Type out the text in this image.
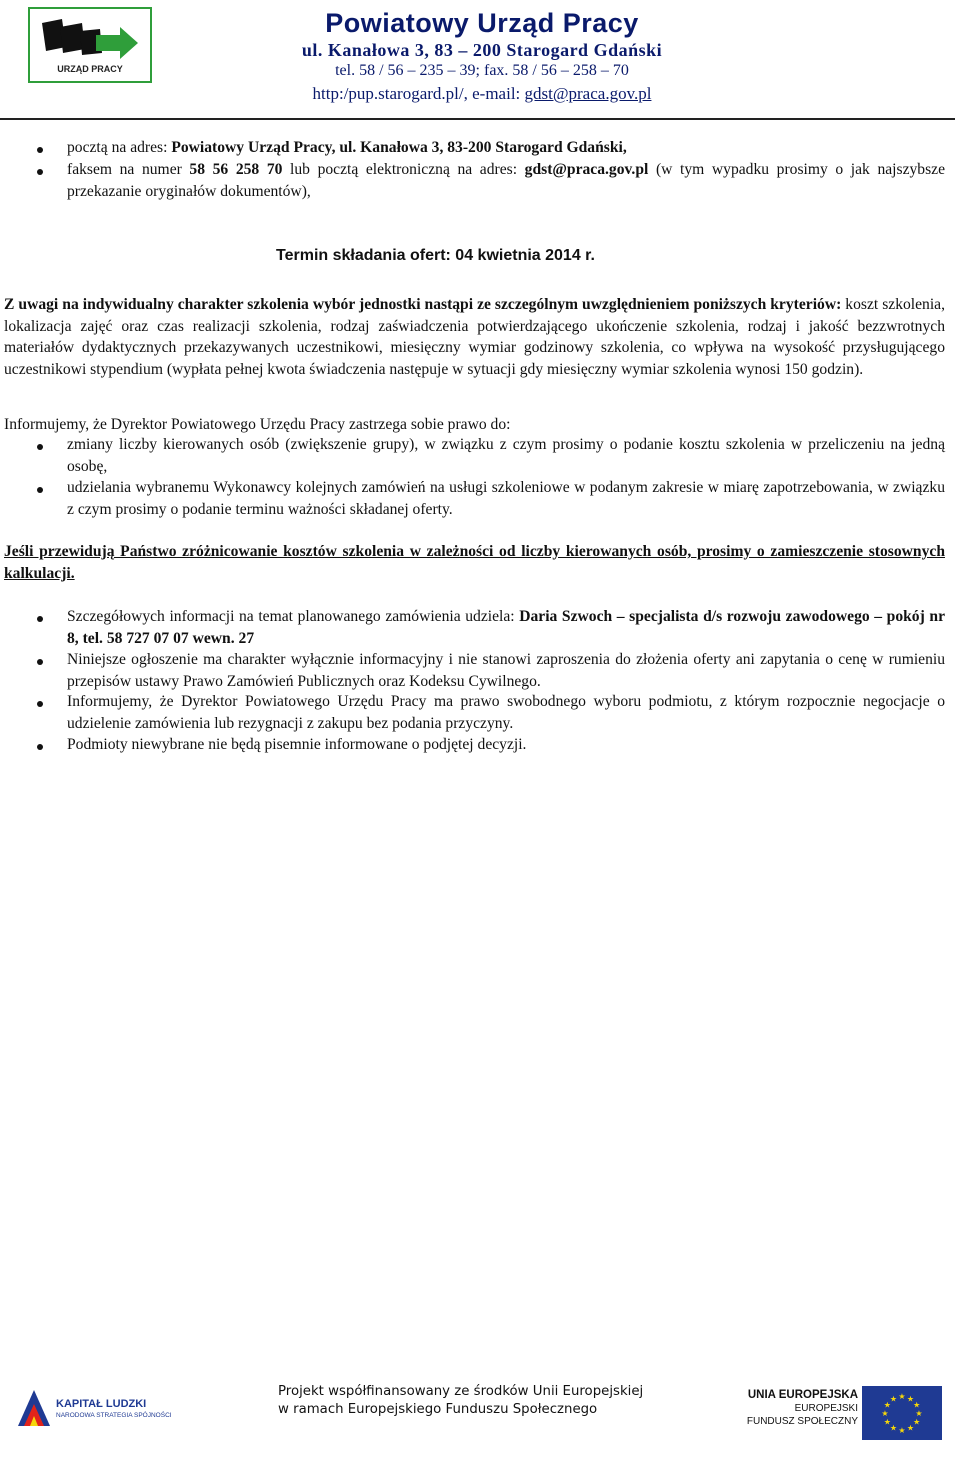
URZĄD PRACY
Powiatowy Urząd Pracy
ul. Kanałowa 3, 83 – 200 Starogard Gdański
tel. 58 / 56 – 235 – 39; fax. 58 / 56 – 258 – 70
http:/pup.starogard.pl/, e-mail: gdst@praca.gov.pl
pocztą na adres: Powiatowy Urząd Pracy, ul. Kanałowa 3, 83-200 Starogard Gdański,
faksem na numer 58 56 258 70 lub pocztą elektroniczną na adres: gdst@praca.gov.pl (w tym wypadku prosimy o jak najszybsze przekazanie oryginałów dokumentów),
Termin składania ofert: 04 kwietnia 2014 r.
Z uwagi na indywidualny charakter szkolenia wybór jednostki nastąpi ze szczególnym uwzględnieniem poniższych kryteriów: koszt szkolenia, lokalizacja zajęć oraz czas realizacji szkolenia, rodzaj zaświadczenia potwierdzającego ukończenie szkolenia, rodzaj i jakość bezzwrotnych materiałów dydaktycznych przekazywanych uczestnikowi, miesięczny wymiar godzinowy szkolenia, co wpływa na wysokość przysługującego uczestnikowi stypendium (wypłata pełnej kwota świadczenia następuje w sytuacji gdy miesięczny wymiar szkolenia wynosi 150 godzin).
Informujemy, że Dyrektor Powiatowego Urzędu Pracy zastrzega sobie prawo do:
zmiany liczby kierowanych osób (zwiększenie grupy), w związku z czym prosimy o podanie kosztu szkolenia w przeliczeniu na jedną osobę,
udzielania wybranemu Wykonawcy kolejnych zamówień na usługi szkoleniowe w podanym zakresie w miarę zapotrzebowania, w związku z czym prosimy o podanie terminu ważności składanej oferty.
Jeśli przewidują Państwo zróżnicowanie kosztów szkolenia w zależności od liczby kierowanych osób, prosimy o zamieszczenie stosownych kalkulacji.
Szczegółowych informacji na temat planowanego zamówienia udziela: Daria Szwoch – specjalista d/s rozwoju zawodowego – pokój nr 8, tel. 58 727 07 07 wewn. 27
Niniejsze ogłoszenie ma charakter wyłącznie informacyjny i nie stanowi zaproszenia do złożenia oferty ani zapytania o cenę w rumieniu przepisów ustawy Prawo Zamówień Publicznych oraz Kodeksu Cywilnego.
Informujemy, że Dyrektor Powiatowego Urzędu Pracy ma prawo swobodnego wyboru podmiotu, z którym rozpocznie negocjacje o udzielenie zamówienia lub rezygnacji z zakupu bez podania przyczyny.
Podmioty niewybrane nie będą pisemnie informowane o podjętej decyzji.
KAPITAŁ LUDZKI
NARODOWA STRATEGIA SPÓJNOŚCI
Projekt współfinansowany ze środków Unii Europejskiej
w ramach Europejskiego Funduszu Społecznego
UNIA EUROPEJSKA
EUROPEJSKI
FUNDUSZ SPOŁECZNY
★
★
★
★
★
★
★
★
★ ★ ★
★
